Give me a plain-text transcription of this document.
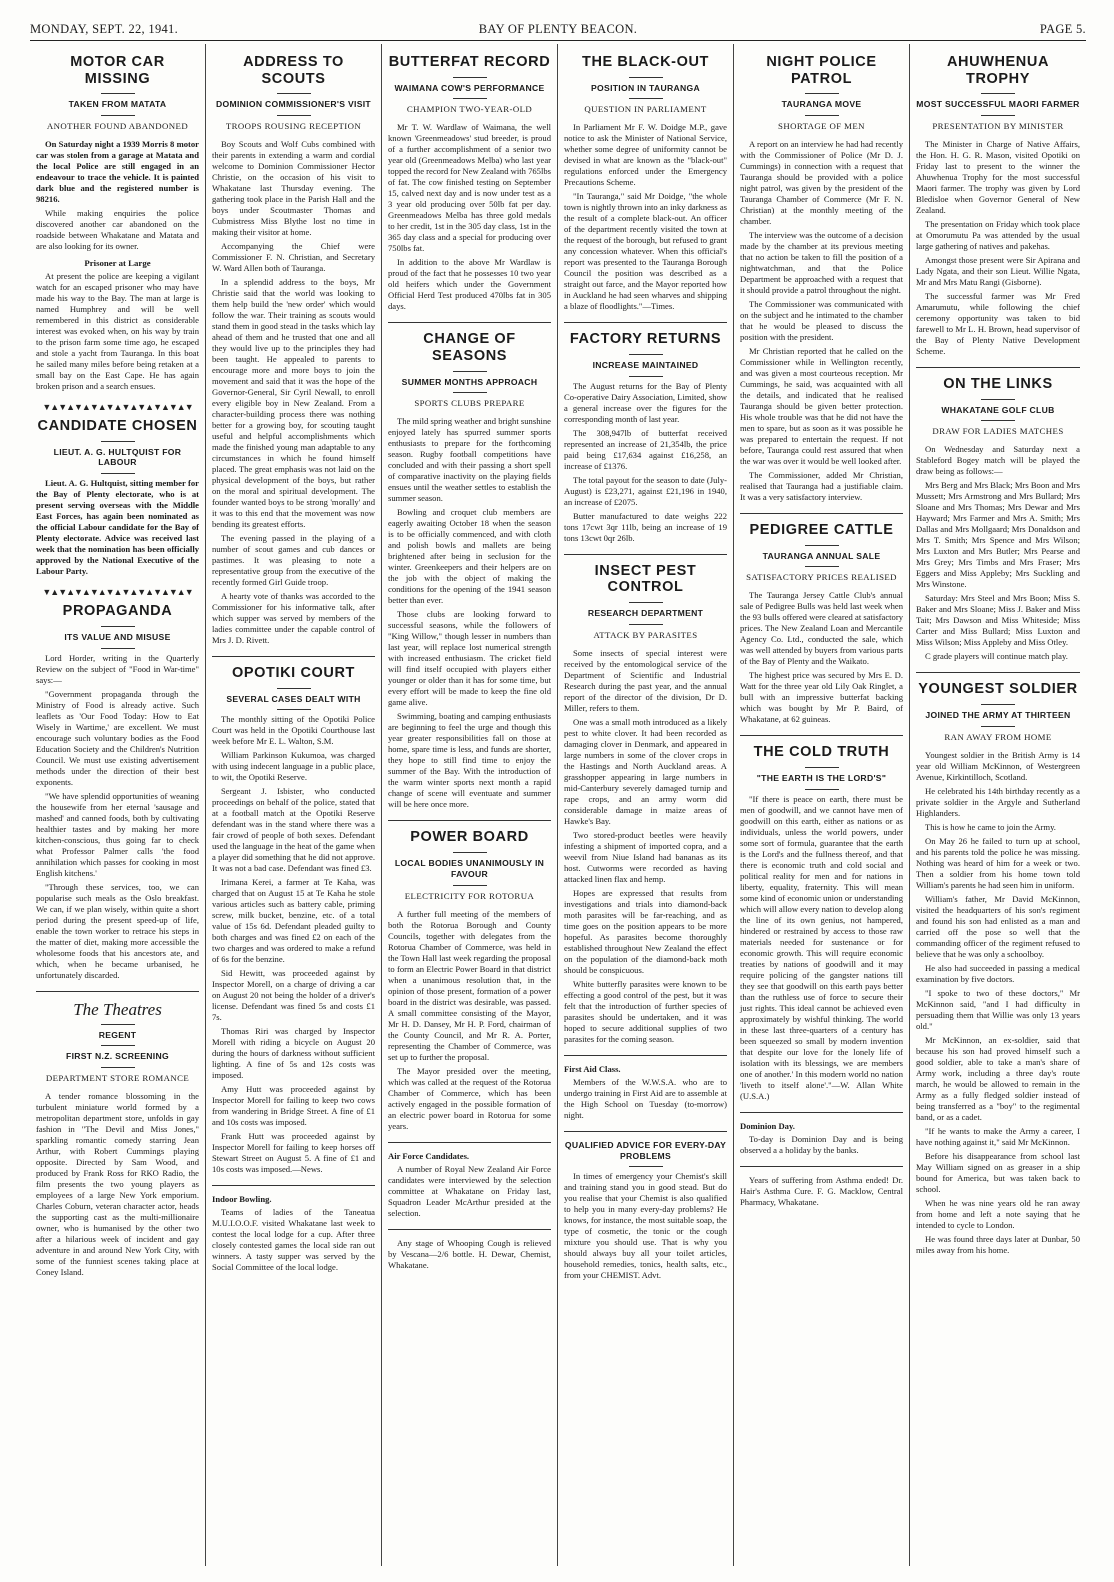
MONDAY, SEPT. 22, 1941.	BAY OF PLENTY BEACON.	PAGE 5.
MOTOR CAR MISSING
TAKEN FROM MATATA
ANOTHER FOUND ABANDONED

On Saturday night a 1939 Morris 8 motor car was stolen from a garage at Matata and the local Police are still engaged in an endeavour to trace the vehicle. It is painted dark blue and the registered number is 98216.

While making enquiries the police discovered another car abandoned on the roadside between Whakatane and Matata and are also looking for its owner.

Prisoner at Large

At present the police are keeping a vigilant watch for an escaped prisoner who may have made his way to the Bay. The man at large is named Humphrey and will be well remembered in this district as considerable interest was evoked when, on his way by train to the prison farm some time ago, he escaped and stole a yacht from Tauranga. In this boat he sailed many miles before being retaken at a small bay on the East Cape. He has again broken prison and a search ensues.

▼▲▼▲▼▲▼▲▼▲▼▲▼▲▼▲▼▲▼
CANDIDATE CHOSEN
LIEUT. A. G. HULTQUIST FOR LABOUR

Lieut. A. G. Hultquist, sitting member for the Bay of Plenty electorate, who is at present serving overseas with the Middle East Forces, has again been nominated as the official Labour candidate for the Bay of Plenty electorate. Advice was received last week that the nomination has been officially approved by the National Executive of the Labour Party.

▼▲▼▲▼▲▼▲▼▲▼▲▼▲▼▲▼▲▼
PROPAGANDA
ITS VALUE AND MISUSE

Lord Horder, writing in the Quarterly Review on the subject of "Food in War-time" says:—

"Government propaganda through the Ministry of Food is already active. Such leaflets as 'Our Food Today: How to Eat Wisely in Wartime,' are excellent. We must encourage such voluntary bodies as the Food Education Society and the Children's Nutrition Council. We must use existing advertisement methods under the direction of their best exponents.

"We have splendid opportunities of weaning the housewife from her eternal 'sausage and mashed' and canned foods, both by cultivating healthier tastes and by making her more kitchen-conscious, thus going far to check what Professor Palmer calls 'the food annihilation which passes for cooking in most English kitchens.'

"Through these services, too, we can popularise such meals as the Oslo breakfast. We can, if we plan wisely, within quite a short period during the present speed-up of life, enable the town worker to retrace his steps in the matter of diet, making more accessible the wholesome foods that his ancestors ate, and which, when he became urbanised, he unfortunately discarded.

The Theatres
REGENT
FIRST N.Z. SCREENING
DEPARTMENT STORE ROMANCE

A tender romance blossoming in the turbulent miniature world formed by a metropolitan department store, unfolds in gay fashion in "The Devil and Miss Jones," sparkling romantic comedy starring Jean Arthur, with Robert Cummings playing opposite. Directed by Sam Wood, and produced by Frank Ross for RKO Radio, the film presents the two young players as employees of a large New York emporium. Charles Coburn, veteran character actor, heads the supporting cast as the multi-millionaire owner, who is humanised by the other two after a hilarious week of incident and gay adventure in and around New York City, with some of the funniest scenes taking place at Coney Island.

ADDRESS TO SCOUTS
DOMINION COMMISSIONER'S VISIT
TROOPS ROUSING RECEPTION

Boy Scouts and Wolf Cubs combined with their parents in extending a warm and cordial welcome to Dominion Commissioner Hector Christie, on the occasion of his visit to Whakatane last Thursday evening. The gathering took place in the Parish Hall and the boys under Scoutmaster Thomas and Cubmistress Miss Blythe lost no time in making their visitor at home.

Accompanying the Chief were Commissioner F. N. Christian, and Secretary W. Ward Allen both of Tauranga.

In a splendid address to the boys, Mr Christie said that the world was looking to them help build the 'new order' which would follow the war. Their training as scouts would stand them in good stead in the tasks which lay ahead of them and he trusted that one and all they would live up to the principles they had been taught. He appealed to parents to encourage more and more boys to join the movement and said that it was the hope of the Governor-General, Sir Cyril Newall, to enroll every eligible boy in New Zealand. From a character-building process there was nothing better for a growing boy, for scouting taught useful and helpful accomplishments which made the finished young man adaptable to any circumstances in which he found himself placed. The great emphasis was not laid on the physical development of the boys, but rather on the moral and spiritual development. The founder wanted boys to be strong 'morally' and it was to this end that the movement was now bending its greatest efforts.

The evening passed in the playing of a number of scout games and cub dances or pastimes. It was pleasing to note a representative group from the executive of the recently formed Girl Guide troop.

A hearty vote of thanks was accorded to the Commissioner for his informative talk, after which supper was served by members of the ladies committee under the capable control of Mrs J. D. Rivett.

OPOTIKI COURT
SEVERAL CASES DEALT WITH

The monthly sitting of the Opotiki Police Court was held in the Opotiki Courthouse last week before Mr E. L. Walton, S.M.

William Parkinson Kukumoa, was charged with using indecent language in a public place, to wit, the Opotiki Reserve.

Sergeant J. Isbister, who conducted proceedings on behalf of the police, stated that at a football match at the Opotiki Reserve defendant was in the stand where there was a fair crowd of people of both sexes. Defendant used the language in the heat of the game when a player did something that he did not approve. It was not a bad case. Defendant was fined £3.

Irimana Kerei, a farmer at Te Kaha, was charged that on August 15 at Te Kaha he stole various articles such as battery cable, priming screw, milk bucket, benzine, etc. of a total value of 15s 6d. Defendant pleaded guilty to both charges and was fined £2 on each of the two charges and was ordered to make a refund of 6s for the benzine.

Sid Hewitt, was proceeded against by Inspector Morell, on a charge of driving a car on August 20 not being the holder of a driver's license. Defendant was fined 5s and costs £1 7s.

Thomas Riri was charged by Inspector Morell with riding a bicycle on August 20 during the hours of darkness without sufficient lighting. A fine of 5s and 12s costs was imposed.

Amy Hutt was proceeded against by Inspector Morell for failing to keep two cows from wandering in Bridge Street. A fine of £1 and 10s costs was imposed.

Frank Hutt was proceeded against by Inspector Morell for failing to keep horses off Stewart Street on August 5. A fine of £1 and 10s costs was imposed.—News.

Indoor Bowling.

Teams of ladies of the Taneatua M.U.I.O.O.F. visited Whakatane last week to contest the local lodge for a cup. After three closely contested games the local side ran out winners. A tasty supper was served by the Social Committee of the local lodge.

BUTTERFAT RECORD
WAIMANA COW'S PERFORMANCE
CHAMPION TWO-YEAR-OLD

Mr T. W. Wardlaw of Waimana, the well known 'Greenmeadows' stud breeder, is proud of a further accomplishment of a senior two year old (Greenmeadows Melba) who last year topped the record for New Zealand with 765lbs of fat. The cow finished testing on September 15, calved next day and is now under test as a 3 year old producing over 50lb fat per day. Greenmeadows Melba has three gold medals to her credit, 1st in the 305 day class, 1st in the 365 day class and a special for producing over 750lbs fat.

In addition to the above Mr Wardlaw is proud of the fact that he possesses 10 two year old heifers which under the Government Official Herd Test produced 470lbs fat in 305 days.

CHANGE OF SEASONS
SUMMER MONTHS APPROACH
SPORTS CLUBS PREPARE

The mild spring weather and bright sunshine enjoyed lately has spurred summer sports enthusiasts to prepare for the forthcoming season. Rugby football competitions have concluded and with their passing a short spell of comparative inactivity on the playing fields ensues until the weather settles to establish the summer season.

Bowling and croquet club members are eagerly awaiting October 18 when the season is to be officially commenced, and with cloth and polish bowls and mallets are being brightened after being in seclusion for the winter. Greenkeepers and their helpers are on the job with the object of making the conditions for the opening of the 1941 season better than ever.

Those clubs are looking forward to successful seasons, while the followers of "King Willow," though lesser in numbers than last year, will replace lost numerical strength with increased enthusiasm. The cricket field will find itself occupied with players either younger or older than it has for some time, but every effort will be made to keep the fine old game alive.

Swimming, boating and camping enthusiasts are beginning to feel the urge and though this year greater responsibilities fall on those at home, spare time is less, and funds are shorter, they hope to still find time to enjoy the summer of the Bay. With the introduction of the warm winter sports next month a rapid change of scene will eventuate and summer will be here once more.

POWER BOARD
LOCAL BODIES UNANIMOUSLY IN FAVOUR
ELECTRICITY FOR ROTORUA

A further full meeting of the members of both the Rotorua Borough and County Councils, together with delegates from the Rotorua Chamber of Commerce, was held in the Town Hall last week regarding the proposal to form an Electric Power Board in that district when a unanimous resolution that, in the opinion of those present, formation of a power board in the district was desirable, was passed. A small committee consisting of the Mayor, Mr H. D. Dansey, Mr H. P. Ford, chairman of the County Council, and Mr R. A. Porter, representing the Chamber of Commerce, was set up to further the proposal.

The Mayor presided over the meeting, which was called at the request of the Rotorua Chamber of Commerce, which has been actively engaged in the possible formation of an electric power board in Rotorua for some years.

Air Force Candidates.

A number of Royal New Zealand Air Force candidates were interviewed by the selection committee at Whakatane on Friday last, Squadron Leader McArthur presided at the selection.

Any stage of Whooping Cough is relieved by Vescana—2/6 bottle. H. Dewar, Chemist, Whakatane.

THE BLACK-OUT
POSITION IN TAURANGA
QUESTION IN PARLIAMENT

In Parliament Mr F. W. Doidge M.P., gave notice to ask the Minister of National Service, whether some degree of uniformity cannot be devised in what are known as the "black-out" regulations enforced under the Emergency Precautions Scheme.

"In Tauranga," said Mr Doidge, "the whole town is nightly thrown into an inky darkness as the result of a complete black-out. An officer of the department recently visited the town at the request of the borough, but refused to grant any concession whatever. When this official's report was presented to the Tauranga Borough Council the position was described as a straight out farce, and the Mayor reported how in Auckland he had seen wharves and shipping a blaze of floodlights."—Times.

FACTORY RETURNS
INCREASE MAINTAINED

The August returns for the Bay of Plenty Co-operative Dairy Association, Limited, show a general increase over the figures for the corresponding month of last year.

The 308,947lb of butterfat received represented an increase of 21,354lb, the price paid being £17,634 against £16,258, an increase of £1376.

The total payout for the season to date (July-August) is £23,271, against £21,196 in 1940, an increase of £2075.

Butter manufactured to date weighs 222 tons 17cwt 3qr 11lb, being an increase of 19 tons 13cwt 0qr 26lb.

INSECT PEST CONTROL
RESEARCH DEPARTMENT
ATTACK BY PARASITES

Some insects of special interest were received by the entomological service of the Department of Scientific and Industrial Research during the past year, and the annual report of the director of the division, Dr D. Miller, refers to them.

One was a small moth introduced as a likely pest to white clover. It had been recorded as damaging clover in Denmark, and appeared in large numbers in some of the clover crops in the Hastings and North Auckland areas. A grasshopper appearing in large numbers in mid-Canterbury severely damaged turnip and rape crops, and an army worm did considerable damage in maize areas of Hawke's Bay.

Two stored-product beetles were heavily infesting a shipment of imported copra, and a weevil from Niue Island had bananas as its host. Cutworms were recorded as having attacked linen flax and hemp.

Hopes are expressed that results from investigations and trials into diamond-back moth parasites will be far-reaching, and as time goes on the position appears to be more hopeful. As parasites become thoroughly established throughout New Zealand the effect on the population of the diamond-back moth should be conspicuous.

White butterfly parasites were known to be effecting a good control of the pest, but it was felt that the introduction of further species of parasites should be undertaken, and it was hoped to secure additional supplies of two parasites for the coming season.

First Aid Class.

Members of the W.W.S.A. who are to undergo training in First Aid are to assemble at the High School on Tuesday (to-morrow) night.

QUALIFIED ADVICE FOR EVERY-DAY PROBLEMS

In times of emergency your Chemist's skill and training stand you in good stead. But do you realise that your Chemist is also qualified to help you in many every-day problems? He knows, for instance, the most suitable soap, the type of cosmetic, the tonic or the cough mixture you should use. That is why you should always buy all your toilet articles, household remedies, tonics, health salts, etc., from your CHEMIST. Advt.

NIGHT POLICE PATROL
TAURANGA MOVE
SHORTAGE OF MEN

A report on an interview he had had recently with the Commissioner of Police (Mr D. J. Cummings) in connection with a request that Tauranga should be provided with a police night patrol, was given by the president of the Tauranga Chamber of Commerce (Mr F. N. Christian) at the monthly meeting of the chamber.

The interview was the outcome of a decision made by the chamber at its previous meeting that no action be taken to fill the position of a nightwatchman, and that the Police Department be approached with a request that it should provide a patrol throughout the night.

The Commissioner was communicated with on the subject and he intimated to the chamber that he would be pleased to discuss the position with the president.

Mr Christian reported that he called on the Commissioner while in Wellington recently, and was given a most courteous reception. Mr Cummings, he said, was acquainted with all the details, and indicated that he realised Tauranga should be given better protection. His whole trouble was that he did not have the men to spare, but as soon as it was possible he was prepared to entertain the request. If not before, Tauranga could rest assured that when the war was over it would be well looked after.

The Commissioner, added Mr Christian, realised that Tauranga had a justifiable claim. It was a very satisfactory interview.

PEDIGREE CATTLE
TAURANGA ANNUAL SALE
SATISFACTORY PRICES REALISED

The Tauranga Jersey Cattle Club's annual sale of Pedigree Bulls was held last week when the 93 bulls offered were cleared at satisfactory prices. The New Zealand Loan and Mercantile Agency Co. Ltd., conducted the sale, which was well attended by buyers from various parts of the Bay of Plenty and the Waikato.

The highest price was secured by Mrs E. D. Watt for the three year old Lily Oak Ringlet, a bull with an impressive butterfat backing which was bought by Mr P. Baird, of Whakatane, at 62 guineas.

THE COLD TRUTH
"THE EARTH IS THE LORD'S"

"If there is peace on earth, there must be men of goodwill, and we cannot have men of goodwill on this earth, either as nations or as individuals, unless the world powers, under some sort of formula, guarantee that the earth is the Lord's and the fullness thereof, and that there is economic truth and cold social and political reality for men and for nations in liberty, equality, fraternity. This will mean some kind of economic union or understanding which will allow every nation to develop along the line of its own genius, not hampered, hindered or restrained by access to those raw materials needed for sustenance or for economic growth. This will require economic treaties by nations of goodwill and it may require policing of the gangster nations till they see that goodwill on this earth pays better than the ruthless use of force to secure their just rights. This ideal cannot be achieved even approximately by wishful thinking. The world in these last three-quarters of a century has been squeezed so small by modern invention that despite our love for the lonely life of isolation with its blessings, we are members one of another.' In this modern world no nation 'liveth to itself alone'."—W. Allan White (U.S.A.)

Dominion Day.

To-day is Dominion Day and is being observed a a holiday by the banks.

Years of suffering from Asthma ended! Dr. Hair's Asthma Cure. F. G. Macklow, Central Pharmacy, Whakatane.

AHUWHENUA TROPHY
MOST SUCCESSFUL MAORI FARMER
PRESENTATION BY MINISTER

The Minister in Charge of Native Affairs, the Hon. H. G. R. Mason, visited Opotiki on Friday last to present to the winner the Ahuwhenua Trophy for the most successful Maori farmer. The trophy was given by Lord Bledisloe when Governor General of New Zealand.

The presentation on Friday which took place at Omorumutu Pa was attended by the usual large gathering of natives and pakehas.

Amongst those present were Sir Apirana and Lady Ngata, and their son Lieut. Willie Ngata, Mr and Mrs Matu Rangi (Gisborne).

The successful farmer was Mr Fred Amarumutu, while following the chief ceremony opportunity was taken to bid farewell to Mr L. H. Brown, head supervisor of the Bay of Plenty Native Development Scheme.

ON THE LINKS
WHAKATANE GOLF CLUB
DRAW FOR LADIES MATCHES

On Wednesday and Saturday next a Stableford Bogey match will be played the draw being as follows:—

Mrs Berg and Mrs Black; Mrs Boon and Mrs Mussett; Mrs Armstrong and Mrs Bullard; Mrs Sloane and Mrs Thomas; Mrs Dewar and Mrs Hayward; Mrs Farmer and Mrs A. Smith; Mrs Dallas and Mrs Mollgaard; Mrs Donaldson and Mrs T. Smith; Mrs Spence and Mrs Wilson; Mrs Luxton and Mrs Butler; Mrs Pearse and Mrs Grey; Mrs Timbs and Mrs Fraser; Mrs Eggers and Miss Appleby; Mrs Suckling and Mrs Winstone.

Saturday: Mrs Steel and Mrs Boon; Miss S. Baker and Mrs Sloane; Miss J. Baker and Miss Tait; Mrs Dawson and Miss Whiteside; Miss Carter and Miss Bullard; Miss Luxton and Miss Wilson; Miss Appleby and Miss Otley.

C grade players will continue match play.

YOUNGEST SOLDIER
JOINED THE ARMY AT THIRTEEN
RAN AWAY FROM HOME

Youngest soldier in the British Army is 14 year old William McKinnon, of Westergreen Avenue, Kirkintilloch, Scotland.

He celebrated his 14th birthday recently as a private soldier in the Argyle and Sutherland Highlanders.

This is how he came to join the Army.

On May 26 he failed to turn up at school, and his parents told the police he was missing. Nothing was heard of him for a week or two. Then a soldier from his home town told William's parents he had seen him in uniform.

William's father, Mr David McKinnon, visited the headquarters of his son's regiment and found his son had enlisted as a man and carried off the pose so well that the commanding officer of the regiment refused to believe that he was only a schoolboy.

He also had succeeded in passing a medical examination by five doctors.

"I spoke to two of these doctors," Mr McKinnon said, "and I had difficulty in persuading them that Willie was only 13 years old."

Mr McKinnon, an ex-soldier, said that because his son had proved himself such a good soldier, able to take a man's share of Army work, including a three day's route march, he would be allowed to remain in the Army as a fully fledged soldier instead of being transferred as a "boy" to the regimental band, or as a cadet.

"If he wants to make the Army a career, I have nothing against it," said Mr McKinnon.

Before his disappearance from school last May William signed on as greaser in a ship bound for America, but was taken back to school.

When he was nine years old he ran away from home and left a note saying that he intended to cycle to London.

He was found three days later at Dunbar, 50 miles away from his home.
